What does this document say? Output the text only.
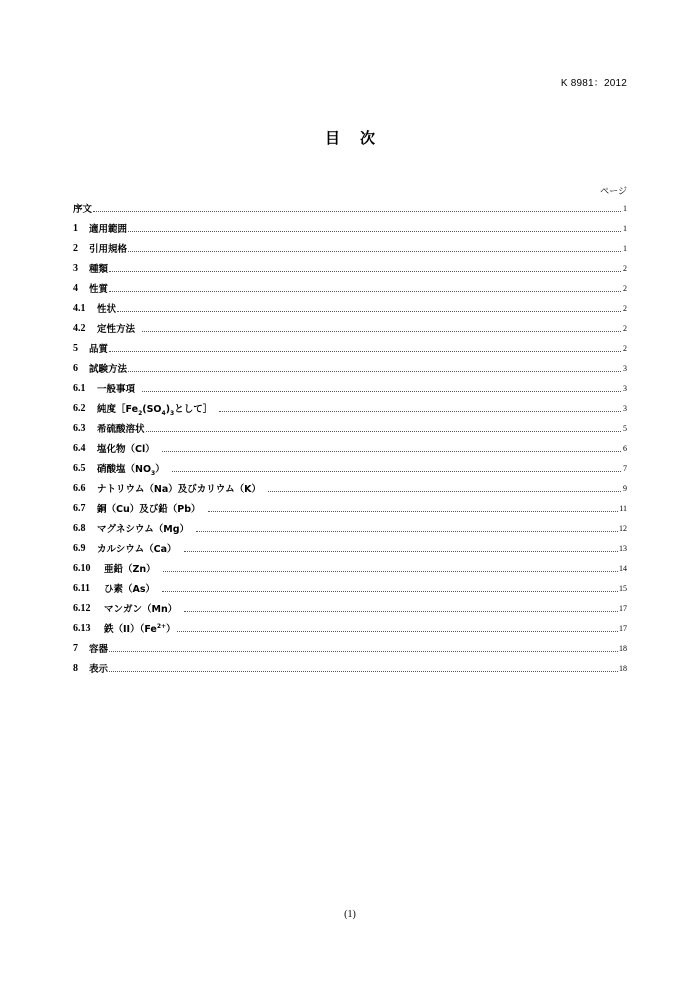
K 8981：2012
目 次
ページ
序文	1
1	適用範囲	1
2	引用規格	1
3	種類	2
4	性質	2
4.1	性状	2
4.2	定性方法	2
5	品質	2
6	試験方法	3
6.1	一般事項	3
6.2	純度$[Fe_2(SO_4)_3$として］	3
6.3	希硫酸溶状	5
6.4	塩化物（Cl）	6
6.5	硝酸塩$(NO_3)$	7
6.6	ナトリウム（Na）及びカリウム（K）	9
6.7	銅（Cu）及び鉛（Pb）	11
6.8	マグネシウム（Mg）	12
6.9	カルシウム（Ca）	13
6.10	亜鉛（Zn）	14
6.11	ひ素（As）	15
6.12	マンガン（Mn）	17
6.13	鉄$(II)(Fe^{2+})$	17
7	容器	18
8	表示	18
(1)
